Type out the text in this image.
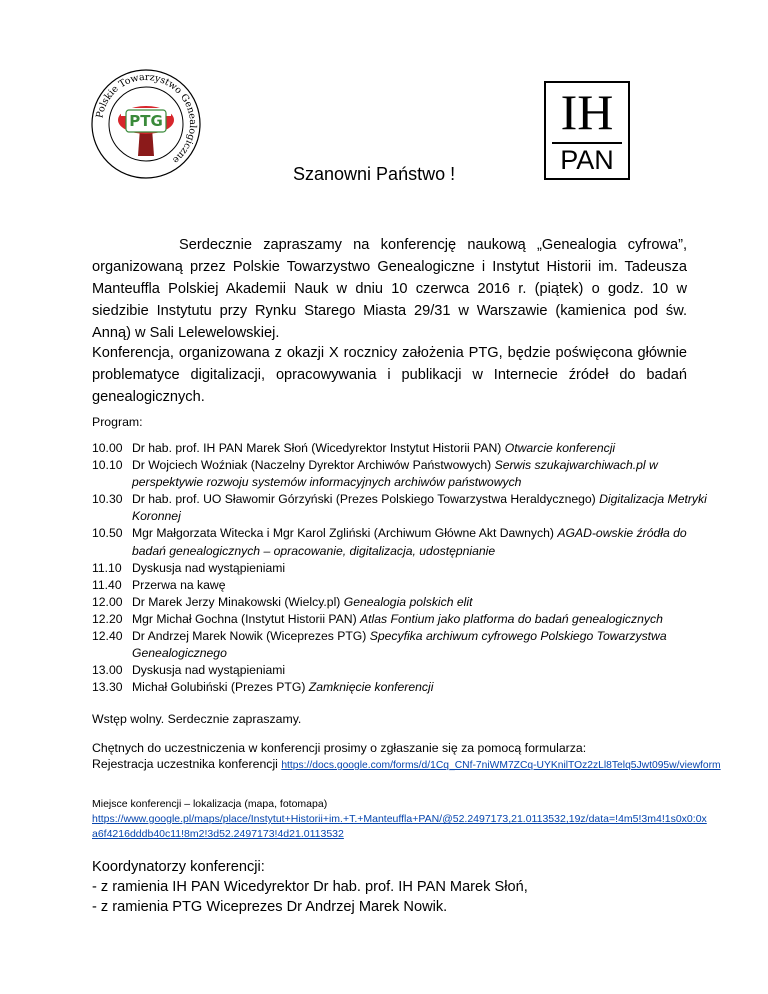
Polskie Towarzystwo Genealogiczne
PTG	IH
PAN
Szanowni Państwo !
Serdecznie zapraszamy na konferencję naukową „Genealogia cyfrowa”, organizowaną przez Polskie Towarzystwo Genealogiczne i Instytut Historii im. Tadeusza Manteuffla Polskiej Akademii Nauk w dniu 10 czerwca 2016 r. (piątek) o godz. 10 w siedzibie Instytutu przy Rynku Starego Miasta 29/31 w Warszawie (kamienica pod św. Anną) w Sali Lelewelowskiej.
Konferencja, organizowana z okazji X rocznicy założenia PTG, będzie poświęcona głównie problematyce digitalizacji, opracowywania i publikacji w Internecie źródeł do badań genealogicznych.
Program:
10.00 Dr hab. prof. IH PAN Marek Słoń (Wicedyrektor Instytut Historii PAN) Otwarcie konferencji
10.10 Dr Wojciech Woźniak (Naczelny Dyrektor Archiwów Państwowych) Serwis szukajwarchiwach.pl w perspektywie rozwoju systemów informacyjnych archiwów państwowych
10.30 Dr hab. prof. UO Sławomir Górzyński (Prezes Polskiego Towarzystwa Heraldycznego) Digitalizacja Metryki Koronnej
10.50 Mgr Małgorzata Witecka i Mgr Karol Zgliński (Archiwum Główne Akt Dawnych) AGAD-owskie źródła do badań genealogicznych – opracowanie, digitalizacja, udostępnianie
11.10 Dyskusja nad wystąpieniami
11.40 Przerwa na kawę
12.00 Dr Marek Jerzy Minakowski (Wielcy.pl) Genealogia polskich elit
12.20 Mgr Michał Gochna (Instytut Historii PAN) Atlas Fontium jako platforma do badań genealogicznych
12.40 Dr Andrzej Marek Nowik (Wiceprezes PTG) Specyfika archiwum cyfrowego Polskiego Towarzystwa Genealogicznego
13.00 Dyskusja nad wystąpieniami
13.30 Michał Golubiński (Prezes PTG) Zamknięcie konferencji
Wstęp wolny. Serdecznie zapraszamy.
Chętnych do uczestniczenia w konferencji prosimy o zgłaszanie się za pomocą formularza:
Rejestracja uczestnika konferencji https://docs.google.com/forms/d/1Cq_CNf-7niWM7ZCq-UYKnilTOz2zLl8Telq5Jwt095w/viewform
Miejsce konferencji – lokalizacja (mapa, fotomapa)
https://www.google.pl/maps/place/Instytut+Historii+im.+T.+Manteuffla+PAN/@52.2497173,21.0113532,19z/data=!4m5!3m4!1s0x0:0xa6f4216dddb40c11!8m2!3d52.2497173!4d21.0113532
Koordynatorzy konferencji:
- z ramienia IH PAN Wicedyrektor Dr hab. prof. IH PAN Marek Słoń,
- z ramienia PTG Wiceprezes Dr Andrzej Marek Nowik.
